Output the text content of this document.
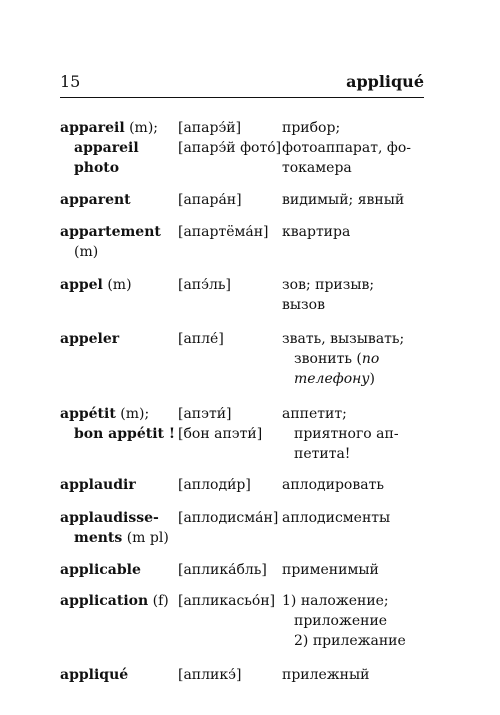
15	appliqué
appareil (m); [апарэ́й]	прибор;
appareil	[апарэ́й фото́] фотоаппарат, фо-
photo	токамера
apparent	[апара́н]	видимый; явный
appartement [апартёма́н] квартира
(m)
appel (m)	[апэ́ль]	зов; призыв;
вызов
appeler	[апле́]	звать, вызывать;
звонить (по
телефону)
appétit (m); [апэти́]	аппетит;
bon appétit ! [бон апэти́] приятного ап-
петита!
applaudir	[аплоди́р] аплодировать
applaudisse- [аплодисма́н] аплодисменты
ments (m pl)
applicable	[аплика́бль] применимый
application (f) [апликасьо́н] 1) наложение;
приложение
2) прилежание
appliqué	[апликэ́]	прилежный
